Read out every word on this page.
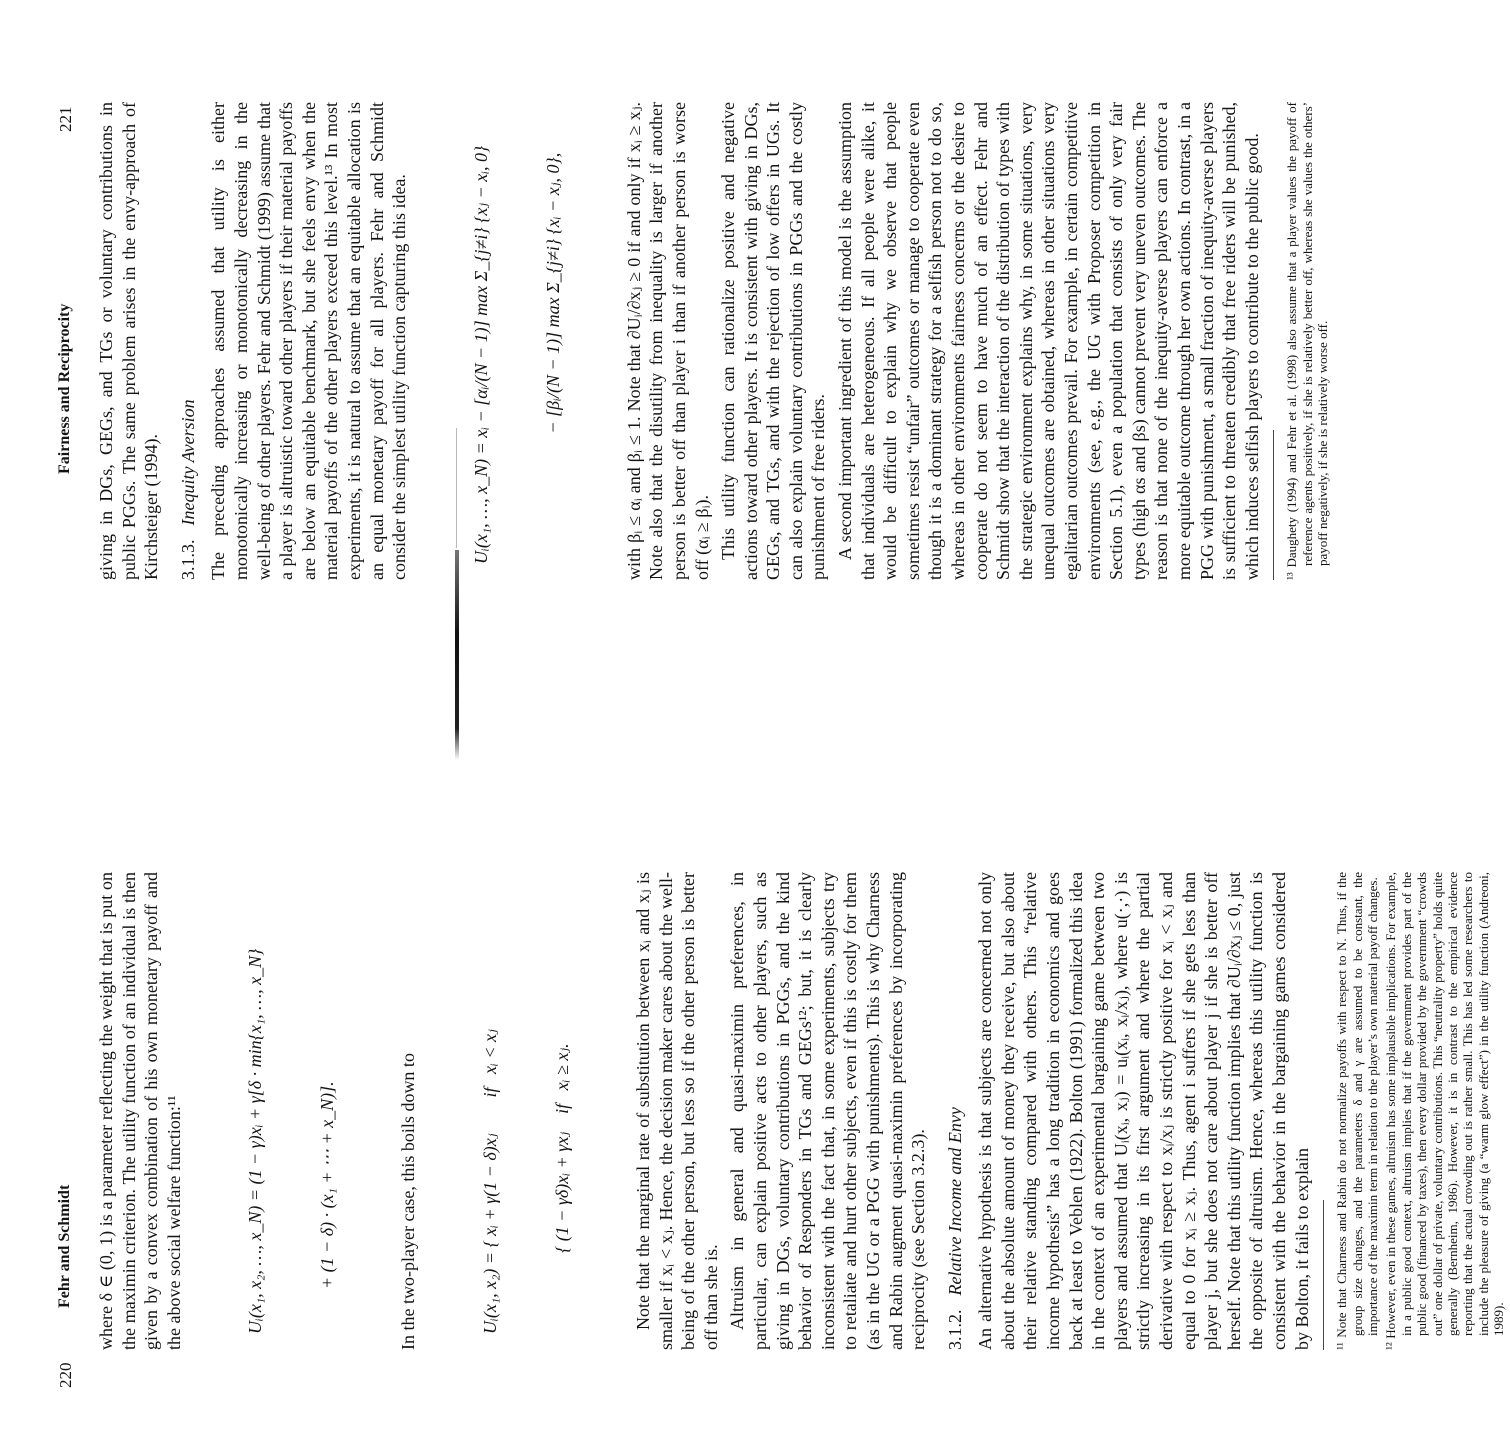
220
Fehr and Schmidt where δ ∈ (0, 1) is a parameter reflecting the weight that is put on the maximin criterion. The utility function of an individual is then given by a convex combination of his own monetary payoff and the above social welfare function:¹¹

	Uᵢ(x₁, x₂, …, x_N) = (1 − γ)xᵢ + γ[δ · min{x₁, …, x_N}

	+ (1 − δ) · (x₁ + ⋯ + x_N)].

	In the two-player case, this boils down to

	Uᵢ(x₁, x₂) = { xᵢ + γ(1 − δ)xⱼ        if   xᵢ < xⱼ

	{ (1 − γδ)xᵢ + γxⱼ    if   xᵢ ≥ xⱼ.

	Note that the marginal rate of substitution between xᵢ and xⱼ is smaller if xᵢ < xⱼ. Hence, the decision maker cares about the well-being of the other person, but less so if the other person is better off than she is. Altruism in general and quasi-maximin preferences, in particular, can explain positive acts to other players, such as giving in DGs, voluntary contributions in PGGs, and the kind behavior of Responders in TGs and GEGs¹²; but, it is clearly inconsistent with the fact that, in some experiments, subjects try to retaliate and hurt other subjects, even if this is costly for them (as in the UG or a PGG with punishments). This is why Charness and Rabin augment quasi-maximin preferences by incorporating reciprocity (see Section 3.2.3). 3.1.2.Relative Income and Envy An alternative hypothesis is that subjects are concerned not only about the absolute amount of money they receive, but also about their relative standing compared with others. This “relative income hypothesis” has a long tradition in economics and goes back at least to Veblen (1922). Bolton (1991) formalized this idea in the context of an experimental bargaining game between two players and assumed that Uᵢ(xᵢ, xⱼ) = uᵢ(xᵢ, xᵢ/xⱼ), where u(·,·) is strictly increasing in its first argument and where the partial derivative with respect to xᵢ/xⱼ is strictly positive for xᵢ < xⱼ and equal to 0 for xᵢ ≥ xⱼ. Thus, agent i suffers if she gets less than player j, but she does not care about player j if she is better off herself. Note that this utility function implies that ∂Uᵢ/∂xⱼ ≤ 0, just the opposite of altruism. Hence, whereas this utility function is consistent with the behavior in the bargaining games considered by Bolton, it fails to explain ¹¹ Note that Charness and Rabin do not normalize payoffs with respect to N. Thus, if the group size changes, and the parameters δ and γ are assumed to be constant, the importance of the maximin term in relation to the player’s own material payoff changes. ¹² However, even in these games, altruism has some implausible implications. For example, in a public good context, altruism implies that if the government provides part of the public good (financed by taxes), then every dollar provided by the government “crowds out” one dollar of private, voluntary contributions. This “neutrality property” holds quite generally (Bernheim, 1986). However, it is in contrast to the empirical evidence reporting that the actual crowding out is rather small. This has led some researchers to include the pleasure of giving (a “warm glow effect”) in the utility function (Andreoni, 1989).

Fairness and Reciprocity
221 giving in DGs, GEGs, and TGs or voluntary contributions in public PGGs. The same problem arises in the envy-approach of Kirchsteiger (1994). 3.1.3.Inequity Aversion The preceding approaches assumed that utility is either monotonically increasing or monotonically decreasing in the well-being of other players. Fehr and Schmidt (1999) assume that a player is altruistic toward other players if their material payoffs are below an equitable benchmark, but she feels envy when the material payoffs of the other players exceed this level.¹³ In most experiments, it is natural to assume that an equitable allocation is an equal monetary payoff for all players. Fehr and Schmidt consider the simplest utility function capturing this idea.

	Uᵢ(x₁, …, x_N) = xᵢ − [αᵢ/(N − 1)] max Σ_{j≠i} {xⱼ − xᵢ, 0}

	− [βᵢ/(N − 1)] max Σ_{j≠i} {xᵢ − xⱼ, 0},

	with βᵢ ≤ αᵢ and βᵢ ≤ 1. Note that ∂Uᵢ/∂xⱼ ≥ 0 if and only if xᵢ ≥ xⱼ. Note also that the disutility from inequality is larger if another person is better off than player i than if another person is worse off (αᵢ ≥ βᵢ). This utility function can rationalize positive and negative actions toward other players. It is consistent with giving in DGs, GEGs, and TGs, and with the rejection of low offers in UGs. It can also explain voluntary contributions in PGGs and the costly punishment of free riders. A second important ingredient of this model is the assumption that individuals are heterogeneous. If all people were alike, it would be difficult to explain why we observe that people sometimes resist “unfair” outcomes or manage to cooperate even though it is a dominant strategy for a selfish person not to do so, whereas in other environments fairness concerns or the desire to cooperate do not seem to have much of an effect. Fehr and Schmidt show that the interaction of the distribution of types with the strategic environment explains why, in some situations, very unequal outcomes are obtained, whereas in other situations very egalitarian outcomes prevail. For example, in certain competitive environments (see, e.g., the UG with Proposer competition in Section 5.1), even a population that consists of only very fair types (high αs and βs) cannot prevent very uneven outcomes. The reason is that none of the inequity-averse players can enforce a more equitable outcome through her own actions. In contrast, in a PGG with punishment, a small fraction of inequity-averse players is sufficient to threaten credibly that free riders will be punished, which induces selfish players to contribute to the public good. ¹³ Daughety (1994) and Fehr et al. (1998) also assume that a player values the payoff of reference agents positively, if she is relatively better off, whereas she values the others’ payoff negatively, if she is relatively worse off.
